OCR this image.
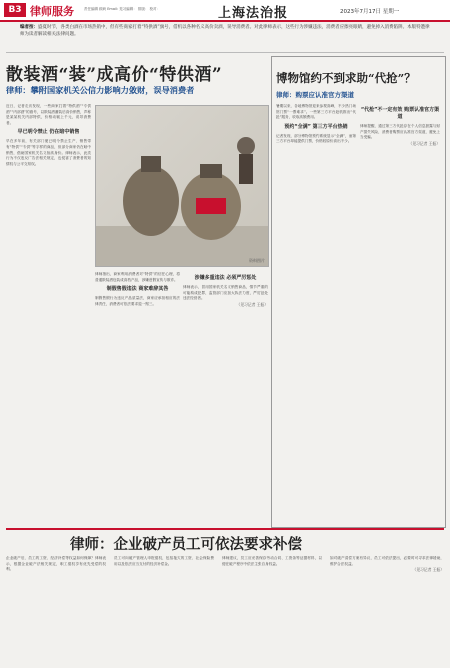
B3 律师服务	责任编辑 顾尚 Email: 见习编辑： 排版： 校对：	上海法治报	2023年7月17日 星期一
编者按：盛夏时节，各类白酒在市场热销中，但有些商家打着“特供酒”旗号，借机以各种名义高价卖酒，误导消费者。对此律师表示，这些行为涉嫌违法，消费者应擦亮眼睛，避免掉入消费陷阱。本版特邀律师为读者解读相关法律问题。
散装酒“装”成高价“特供酒”
律师：攀附国家机关公信力影响力敛财，误导消费者
资料图片
近日，记者走访发现，一些商家打着“特供酒”“专供酒”“内部酒”的旗号，以散装酒灌装后高价销售，声称是某某机关内部特供，价格动辄上千元，误导消费者。
早已明令禁止 仍在暗中销售
早在多年前，有关部门便已明令禁止生产、销售带有“特供”“专供”等字样的商品，但部分商家仍在暗中销售，借助国家机关名义抬高身价。律师表示，此类行为不仅违反广告法相关规定，也侵害了消费者的知情权与公平交易权。
律师指出，商家利用消费者对“特供”的信任心理，将普通散装酒包装成高档产品，涉嫌虚假宣传与欺诈。
制假售假违法 商家难辞其咎
制假售假行为违反产品质量法，商家应承担相应的法律责任，消费者可依法要求退一赔三。
涉嫌多重违法 必须严厉惩处
律师表示，冒用国家机关名义销售商品，情节严重的可能构成犯罪，监管部门应加大执法力度，严厉惩处违法经营者。
（见习记者 王振）
博物馆约不到求助“代抢”？
律师：购票应认准官方渠道
暑期以来，各地博物馆迎来参观高峰，不少热门场馆门票“一票难求”。一些第三方平台趁机推出“代抢”服务，收取高额费用。
预约“全满” 第三方平台热销
记者发现，部分博物馆预约系统显示“全满”，而第三方平台却能提供门票，价格较原价高出不少。
“代抢”不一定有效 购票认准官方渠道
律师提醒，通过第三方代抢存在个人信息泄露与财产损失风险，消费者购票应认准官方渠道，避免上当受骗。
（见习记者 王振）
律师：企业破产员工可依法要求补偿
企业破产后，员工的工资、经济补偿等权益如何保障？律师表示，根据企业破产法相关规定，职工债权享有优先受偿的权利。
员工可向破产管理人申报债权，包括拖欠的工资、社会保险费用以及依法应当支付的经济补偿金。
律师建议，员工应妥善保存劳动合同、工资条等证据材料，以便在破产程序中依法主张自身权益。
如对破产清偿方案有异议，员工可依法提出，必要时可寻求法律援助，维护合法权益。
（见习记者 王振）
